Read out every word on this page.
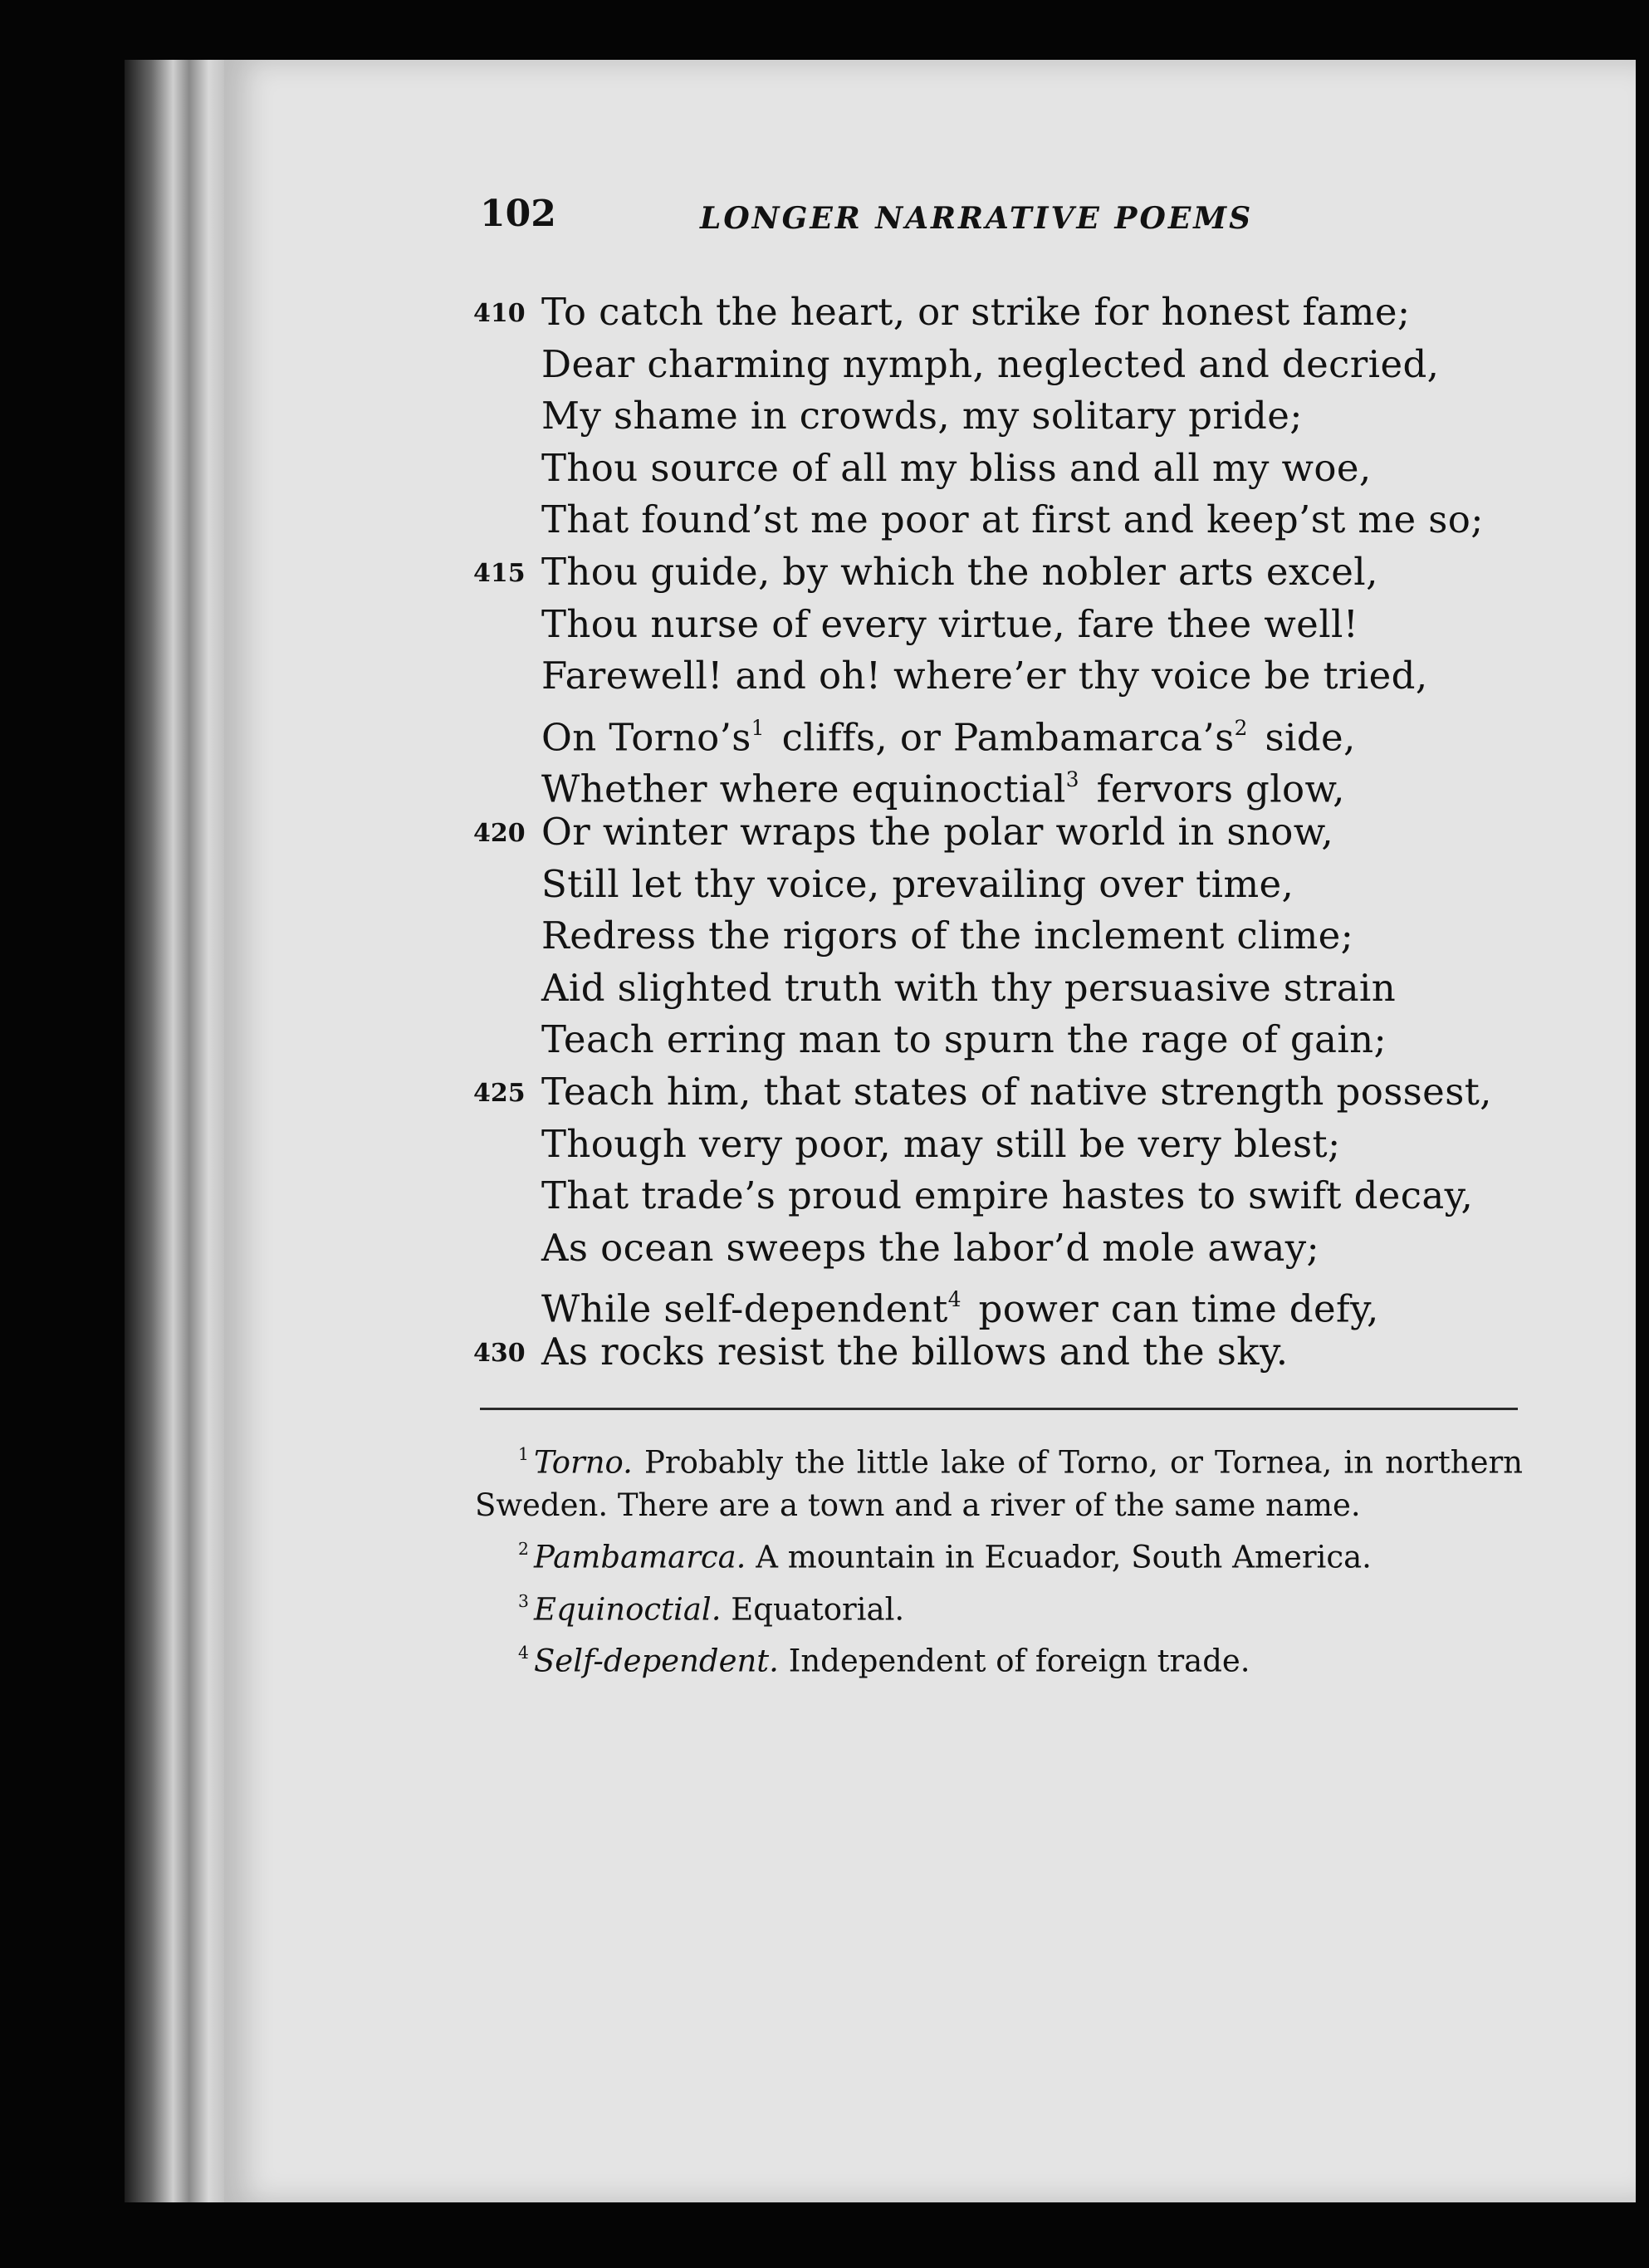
102	LONGER NARRATIVE POEMS
410 To catch the heart, or strike for honest fame;
Dear charming nymph, neglected and decried,
My shame in crowds, my solitary pride;
Thou source of all my bliss and all my woe,
That found’st me poor at first and keep’st me so;
415 Thou guide, by which the nobler arts excel,
Thou nurse of every virtue, fare thee well!
Farewell! and oh! where’er thy voice be tried,
On $Torno’s^1$ cliffs, or $Pambamarca’s^2$ side,
Whether where equinoctial$^3$ fervors glow,
420 Or winter wraps the polar world in snow,
Still let thy voice, prevailing over time,
Redress the rigors of the inclement clime;
Aid slighted truth with thy persuasive strain
Teach erring man to spurn the rage of gain;
425 Teach him, that states of native strength possest,
Though very poor, may still be very blest;
That trade’s proud empire hastes to swift decay,
As ocean sweeps the labor’d mole away;
While self-dependent$^4$ power can time defy,
430 As rocks resist the billows and the sky.
$^1$ Torno. Probably the little lake of Torno, or Tornea, in northern Sweden. There are a town and a river of the same name.
$^2$ Pambamarca. A mountain in Ecuador, South America.
$^3$ Equinoctial. Equatorial.
$^4$ Self-dependent. Independent of foreign trade.
